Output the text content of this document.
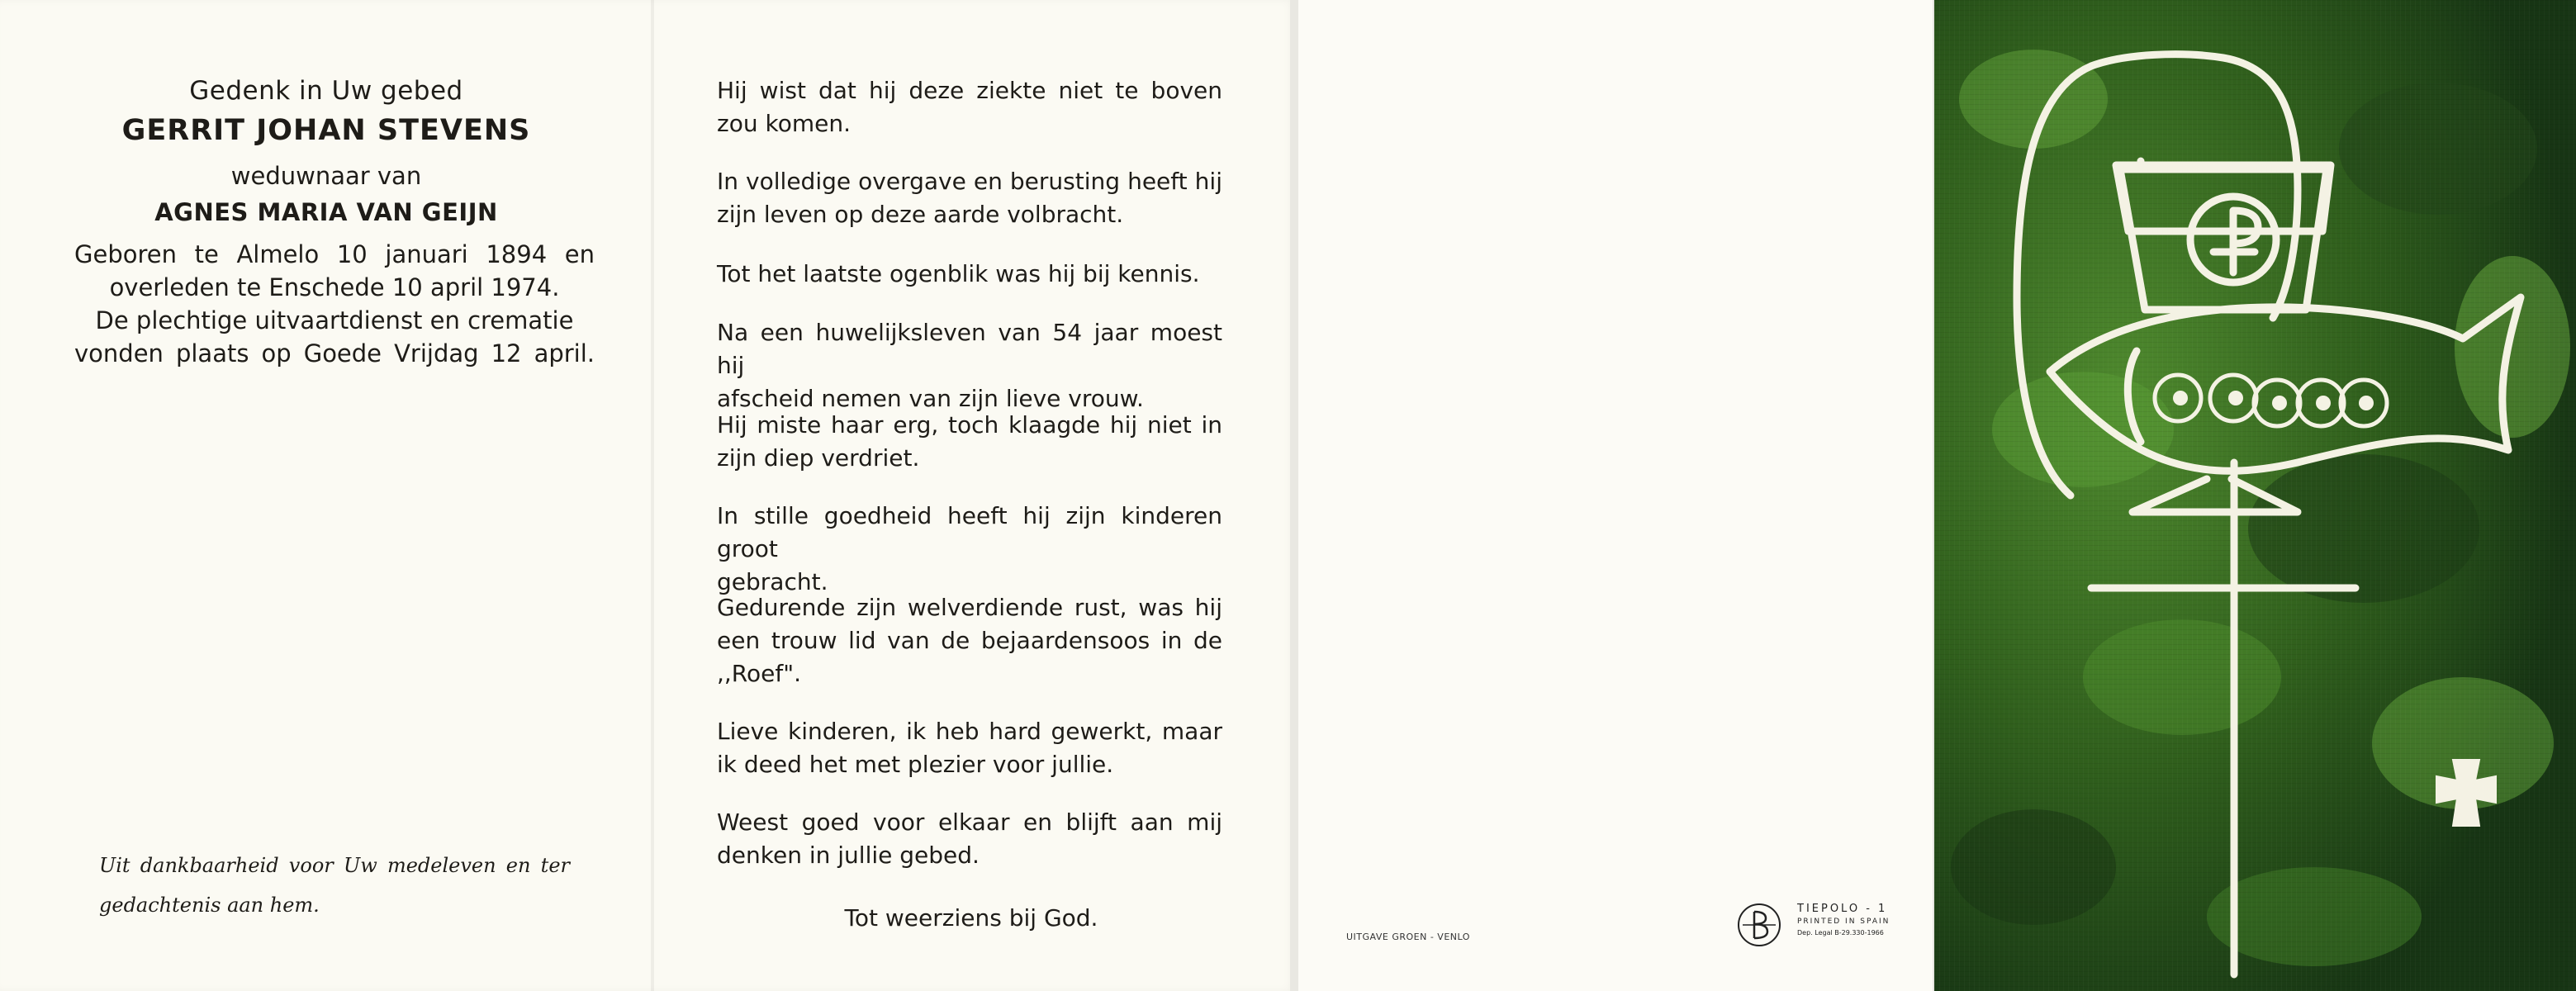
Gedenk in Uw gebed
GERRIT JOHAN STEVENS
weduwnaar van
AGNES MARIA VAN GEIJN
Geboren te Almelo 10 januari 1894 en
overleden te Enschede 10 april 1974.
De plechtige uitvaartdienst en crematie
vonden plaats op Goede Vrijdag 12 april.
Uit dankbaarheid voor Uw medeleven en ter
gedachtenis aan hem.
Hij wist dat hij deze ziekte niet te boven
zou komen.
In volledige overgave en berusting heeft hij
zijn leven op deze aarde volbracht.
Tot het laatste ogenblik was hij bij kennis.
Na een huwelijksleven van 54 jaar moest hij
afscheid nemen van zijn lieve vrouw.
Hij miste haar erg, toch klaagde hij niet in
zijn diep verdriet.
In stille goedheid heeft hij zijn kinderen groot
gebracht.
Gedurende zijn welverdiende rust, was hij
een trouw lid van de bejaardensoos in de
,,Roef".
Lieve kinderen, ik heb hard gewerkt, maar
ik deed het met plezier voor jullie.
Weest goed voor elkaar en blijft aan mij
denken in jullie gebed.
Tot weerziens bij God.
UITGAVE GROEN - VENLO
TIEPOLO - 1
PRINTED IN SPAIN
Dep. Legal B-29.330-1966
